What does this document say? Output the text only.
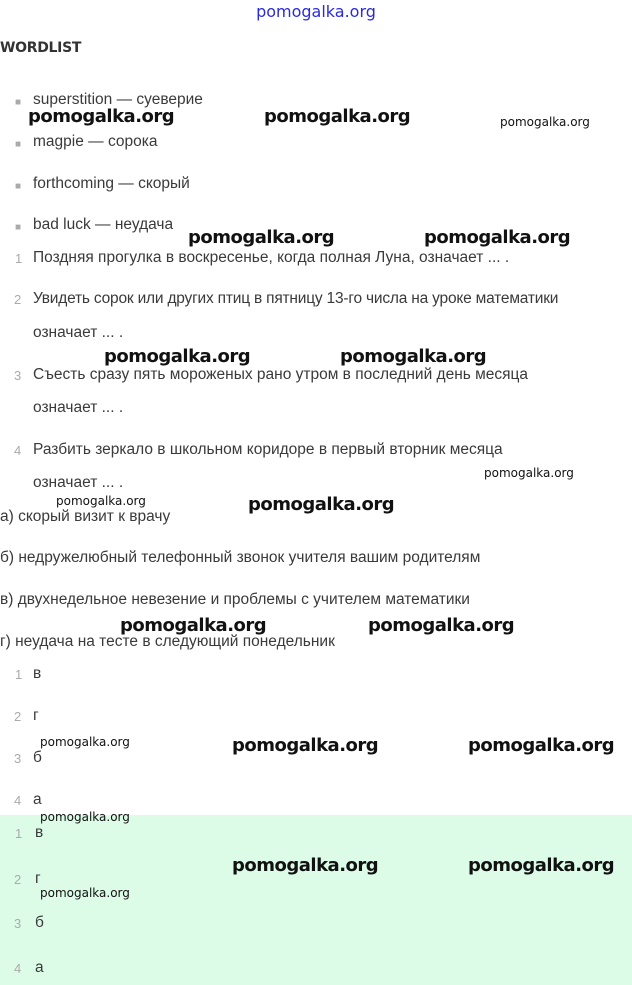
pomogalka.org
WORDLIST
■ superstition — суеверие
■ magpie — сорока
■ forthcoming — скорый
■ bad luck — неудача
1 Поздняя прогулка в воскресенье, когда полная Луна, означает ... .
2 Увидеть сорок или других птиц в пятницу 13-го числа на уроке математики
означает ... .
3 Съесть сразу пять мороженых рано утром в последний день месяца
означает ... .
4 Разбить зеркало в школьном коридоре в первый вторник месяца
означает ... .
а) скорый визит к врачу
б) недружелюбный телефонный звонок учителя вашим родителям
в) двухнедельное невезение и проблемы с учителем математики
г) неудача на тесте в следующий понедельник
1 в
2 г
3 б
4 а
1 в
2 г
3 б
4 а
pomogalka.org	pomogalka.org	pomogalka.org
pomogalka.org	pomogalka.org
pomogalka.org	pomogalka.org
pomogalka.org
pomogalka.org	pomogalka.org
pomogalka.org	pomogalka.org
pomogalka.org	pomogalka.org	pomogalka.org
pomogalka.org
pomogalka.org	pomogalka.org
pomogalka.org
